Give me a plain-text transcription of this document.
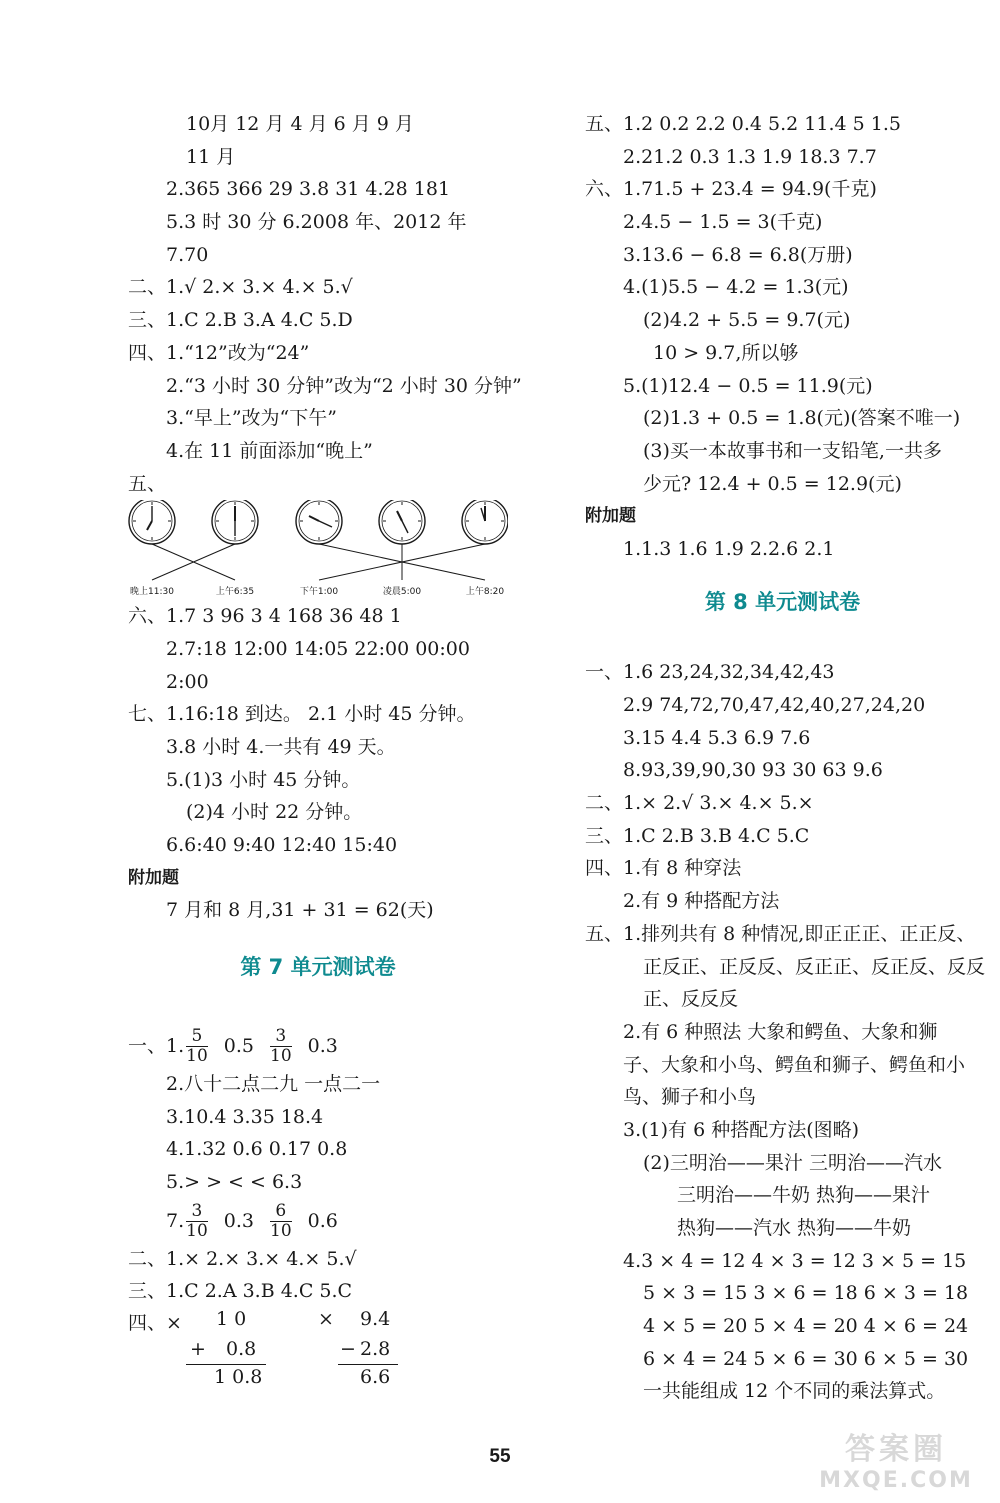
10月 12 月 4 月 6 月 9 月
11 月
2.365 366 29 3.8 31 4.28 181
5.3 时 30 分 6.2008 年、2012 年
7.70
二、1.√ 2.× 3.× 4.× 5.√
三、1.C 2.B 3.A 4.C 5.D
四、1.“12”改为“24”
2.“3 小时 30 分钟”改为“2 小时 30 分钟”
3.“早上”改为“下午”
4.在 11 前面添加“晚上”
五、
晚上11:30	上午6:35	下午1:00	凌晨5:00	上午8:20
六、1.7 3 96 3 4 168 36 48 1
2.7:18 12:00 14:05 22:00 00:00
2:00
七、1.16:18 到达。 2.1 小时 45 分钟。
3.8 小时 4.一共有 49 天。
5.(1)3 小时 45 分钟。
(2)4 小时 22 分钟。
6.6:40 9:40 12:40 15:40
附加题
7 月和 8 月,31 + 31 = 62(天)
第 7 单元测试卷
一、1. $\frac{5}{10} 0.5 \frac{3}{10} 0.3$
2.八十二点二九 一点二一
3.10.4 3.35 18.4
4.1.32 0.6 0.17 0.8
5.> > < < 6.3
7. $\frac{3}{10} 0.3 \frac{6}{10} 0.6$
二、1.× 2.× 3.× 4.× 5.√
三、1.C 2.A 3.B 4.C 5.C
四、× 1 0
+ 0.8
1 0.8
× 9.4
− 2.8
6.6
五、1.2 0.2 2.2 0.4 5.2 11.4 5 1.5
2.21.2 0.3 1.3 1.9 18.3 7.7
六、1.71.5 + 23.4 = 94.9(千克)
2.4.5 − 1.5 = 3(千克)
3.13.6 − 6.8 = 6.8(万册)
4.(1)5.5 − 4.2 = 1.3(元)
(2)4.2 + 5.5 = 9.7(元)
10 > 9.7,所以够
5.(1)12.4 − 0.5 = 11.9(元)
(2)1.3 + 0.5 = 1.8(元)(答案不唯一)
(3)买一本故事书和一支铅笔,一共多
少元? 12.4 + 0.5 = 12.9(元)
附加题
1.1.3 1.6 1.9 2.2.6 2.1
第 8 单元测试卷
一、1.6 23,24,32,34,42,43
2.9 74,72,70,47,42,40,27,24,20
3.15 4.4 5.3 6.9 7.6
8.93,39,90,30 93 30 63 9.6
二、1.× 2.√ 3.× 4.× 5.×
三、1.C 2.B 3.B 4.C 5.C
四、1.有 8 种穿法
2.有 9 种搭配方法
五、1.排列共有 8 种情况,即正正正、正正反、
正反正、正反反、反正正、反正反、反反
正、反反反
2.有 6 种照法 大象和鳄鱼、大象和狮
子、大象和小鸟、鳄鱼和狮子、鳄鱼和小
鸟、狮子和小鸟
3.(1)有 6 种搭配方法(图略)
(2)三明治——果汁 三明治——汽水
三明治——牛奶 热狗——果汁
热狗——汽水 热狗——牛奶
4.3 × 4 = 12 4 × 3 = 12 3 × 5 = 15
5 × 3 = 15 3 × 6 = 18 6 × 3 = 18
4 × 5 = 20 5 × 4 = 20 4 × 6 = 24
6 × 4 = 24 5 × 6 = 30 6 × 5 = 30
一共能组成 12 个不同的乘法算式。
55	答案圈
MXQE.COM
